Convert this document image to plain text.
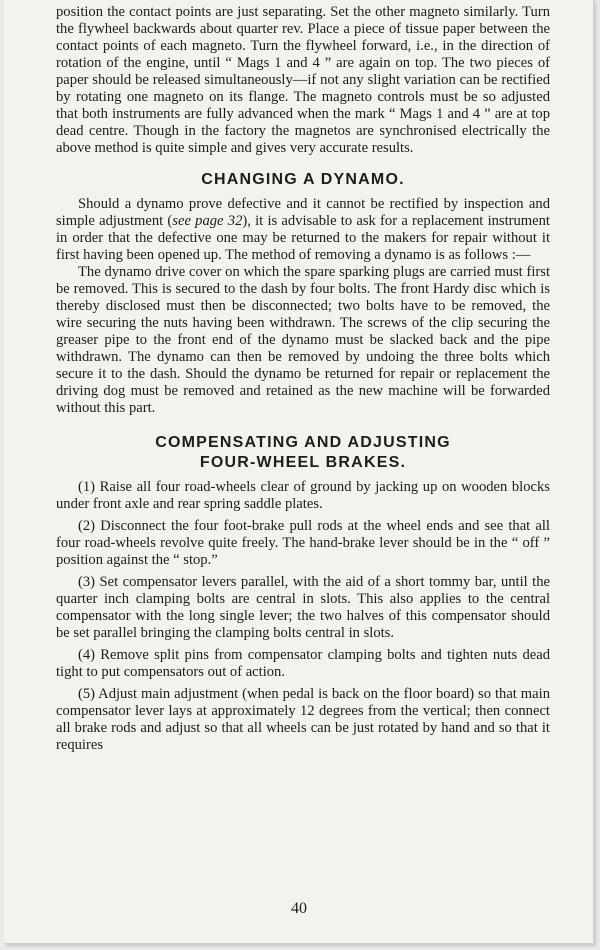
position the contact points are just separating. Set the other magneto similarly. Turn the flywheel backwards about quarter rev. Place a piece of tissue paper between the contact points of each magneto. Turn the flywheel forward, i.e., in the direction of rotation of the engine, until “ Mags 1 and 4 ” are again on top. The two pieces of paper should be released simultaneously—if not any slight variation can be rectified by rotating one magneto on its flange. The magneto controls must be so adjusted that both instruments are fully advanced when the mark “ Mags 1 and 4 ” are at top dead centre. Though in the factory the magnetos are synchronised electrically the above method is quite simple and gives very accurate results.

CHANGING A DYNAMO.

Should a dynamo prove defective and it cannot be rectified by inspection and simple adjustment (see page 32), it is advisable to ask for a replacement instrument in order that the defective one may be returned to the makers for repair without it first having been opened up. The method of removing a dynamo is as follows :—

The dynamo drive cover on which the spare sparking plugs are carried must first be removed. This is secured to the dash by four bolts. The front Hardy disc which is thereby disclosed must then be disconnected; two bolts have to be removed, the wire securing the nuts having been withdrawn. The screws of the clip securing the greaser pipe to the front end of the dynamo must be slacked back and the pipe withdrawn. The dynamo can then be removed by undoing the three bolts which secure it to the dash. Should the dynamo be returned for repair or replacement the driving dog must be removed and retained as the new machine will be forwarded without this part.

COMPENSATING AND ADJUSTING
FOUR-WHEEL BRAKES.

(1) Raise all four road-wheels clear of ground by jacking up on wooden blocks under front axle and rear spring saddle plates.

(2) Disconnect the four foot-brake pull rods at the wheel ends and see that all four road-wheels revolve quite freely. The hand-brake lever should be in the “ off ” position against the “ stop.”

(3) Set compensator levers parallel, with the aid of a short tommy bar, until the quarter inch clamping bolts are central in slots. This also applies to the central compensator with the long single lever; the two halves of this compensator should be set parallel bringing the clamping bolts central in slots.

(4) Remove split pins from compensator clamping bolts and tighten nuts dead tight to put compensators out of action.

(5) Adjust main adjustment (when pedal is back on the floor board) so that main compensator lever lays at approximately 12 degrees from the vertical; then connect all brake rods and adjust so that all wheels can be just rotated by hand and so that it requires

40
